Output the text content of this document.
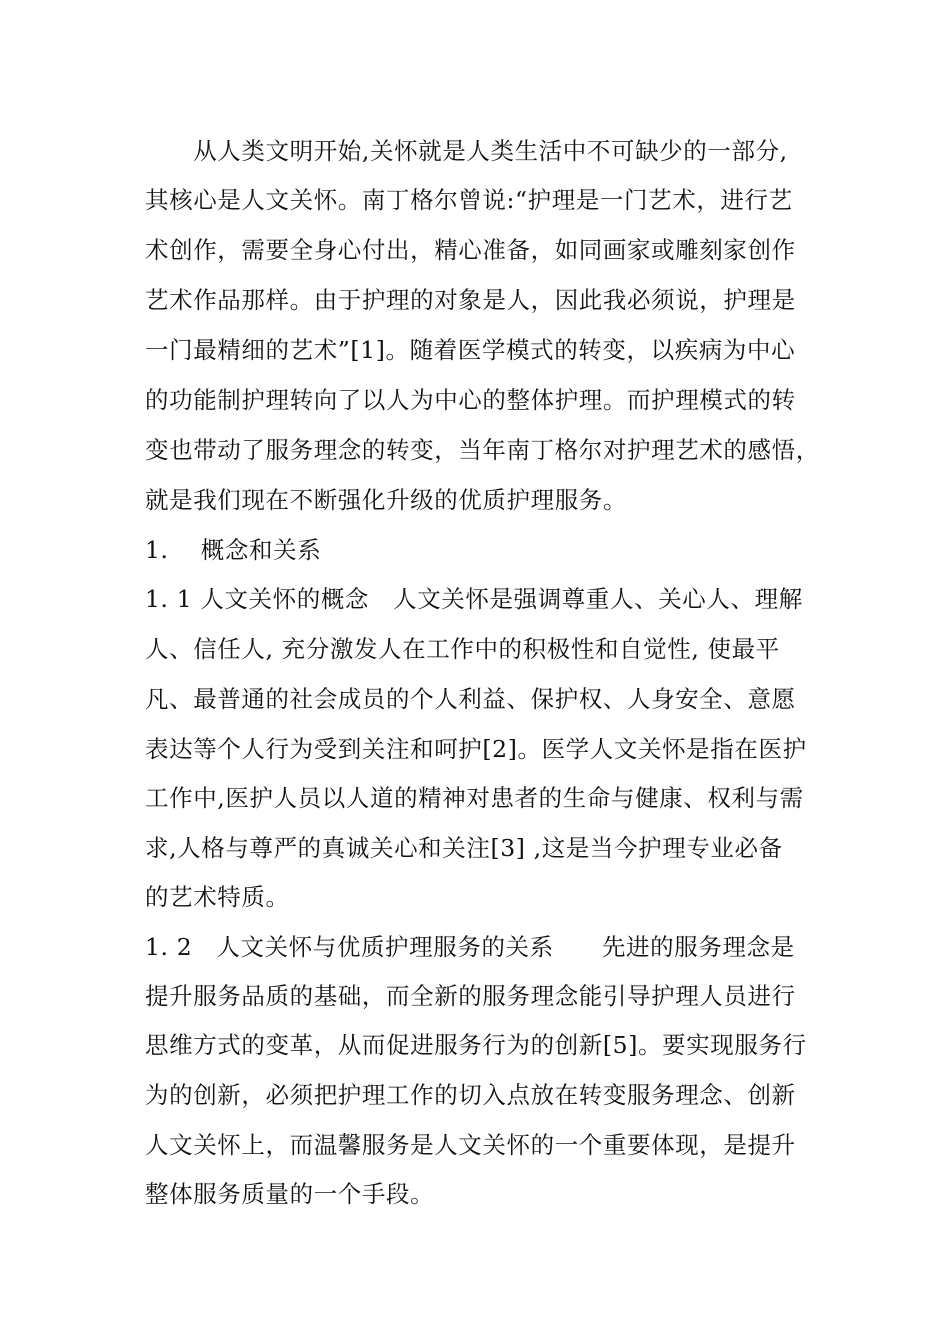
　　从人类文明开始,关怀就是人类生活中不可缺少的一部分,
其核心是人文关怀。南丁格尔曾说:“护理是一门艺术，进行艺
术创作，需要全身心付出，精心准备，如同画家或雕刻家创作
艺术作品那样。由于护理的对象是人，因此我必须说，护理是
一门最精细的艺术”[1]。随着医学模式的转变，以疾病为中心
的功能制护理转向了以人为中心的整体护理。而护理模式的转
变也带动了服务理念的转变，当年南丁格尔对护理艺术的感悟，
就是我们现在不断强化升级的优质护理服务。
1.　 概念和关系
1. 1 人文关怀的概念　人文关怀是强调尊重人、关心人、理解
人、信任人, 充分激发人在工作中的积极性和自觉性, 使最平
凡、最普通的社会成员的个人利益、保护权、人身安全、意愿
表达等个人行为受到关注和呵护[2]。医学人文关怀是指在医护
工作中,医护人员以人道的精神对患者的生命与健康、权利与需
求,人格与尊严的真诚关心和关注[3] ,这是当今护理专业必备
的艺术特质。
1. 2　人文关怀与优质护理服务的关系　　先进的服务理念是
提升服务品质的基础，而全新的服务理念能引导护理人员进行
思维方式的变革，从而促进服务行为的创新[5]。要实现服务行
为的创新，必须把护理工作的切入点放在转变服务理念、创新
人文关怀上，而温馨服务是人文关怀的一个重要体现，是提升
整体服务质量的一个手段。
